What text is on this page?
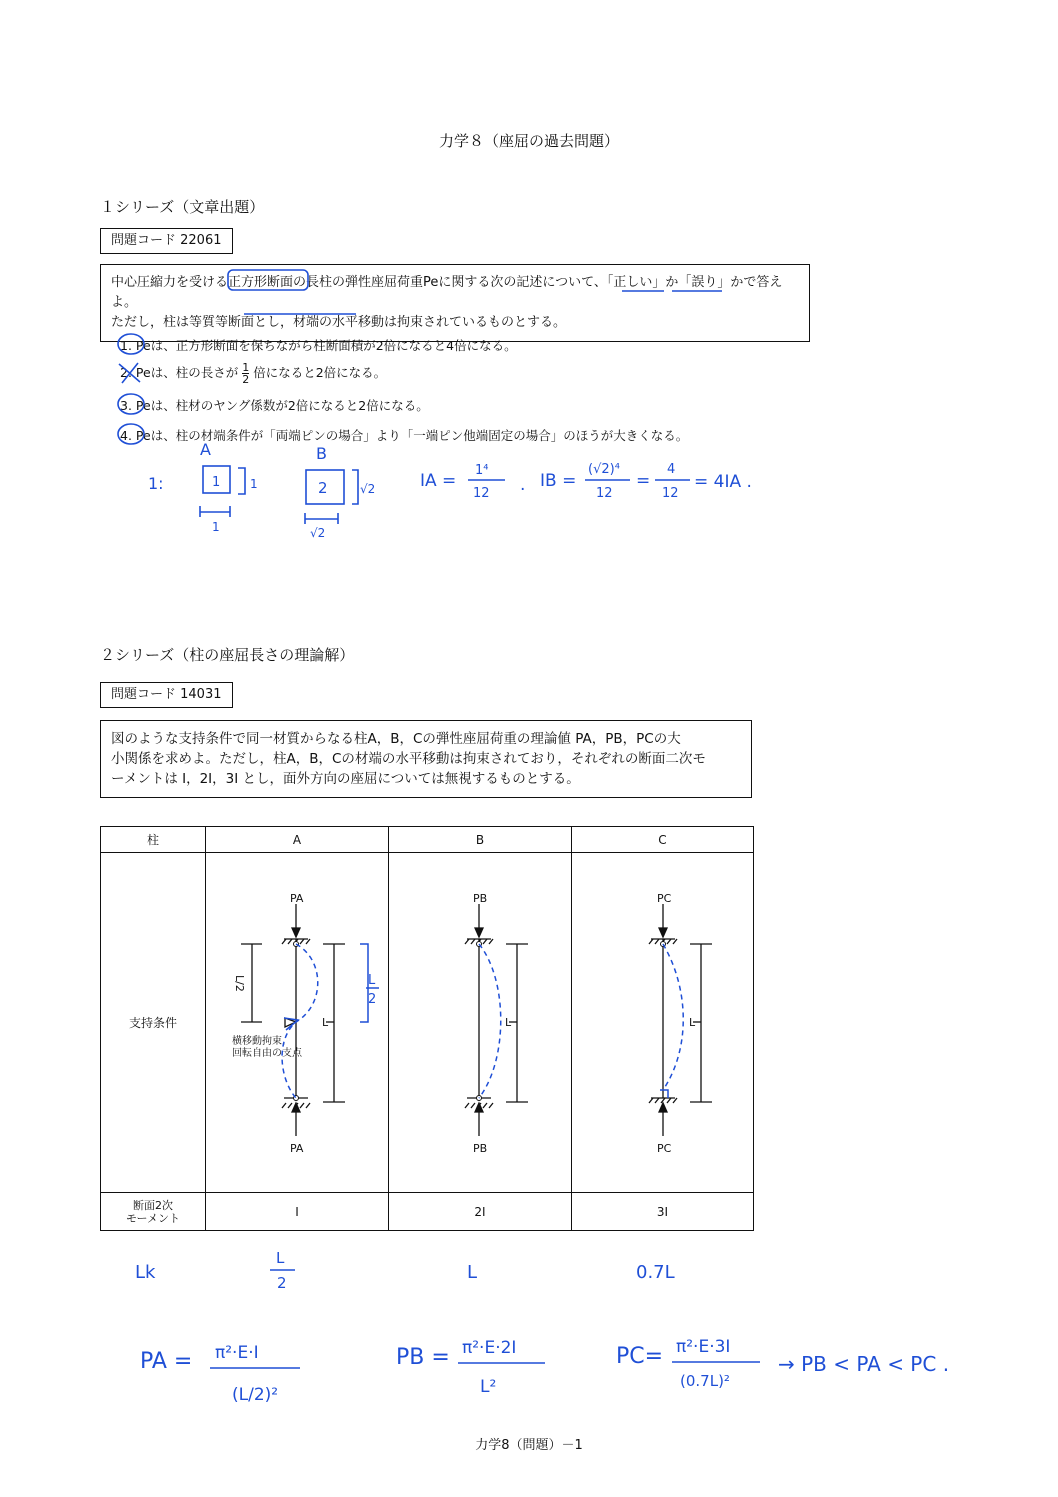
力学８（座屈の過去問題）
１シリーズ（文章出題）
問題コード 22061
中心圧縮力を受ける正方形断面の長柱の弾性座屈荷重Peに関する次の記述について、「正しい」か「誤り」かで答えよ。
ただし，柱は等質等断面とし，材端の水平移動は拘束されているものとする。
1. Peは、正方形断面を保ちながら柱断面積が2倍になると4倍になる。
2. Peは、柱の長さが $\frac{1}{2}$ 倍になると2倍になる。
3. Peは、柱材のヤング係数が2倍になると2倍になる。
4. Peは、柱の材端条件が「両端ピンの場合」より「一端ピン他端固定の場合」のほうが大きくなる。
A	B
1:	1 1
1
2	√2
√2
IA =
1⁴
12 . IB =
(√2)⁴
12
=
4
12
= 4IA .
２シリーズ（柱の座屈長さの理論解）
問題コード 14031
図のような支持条件で同一材質からなる柱A，B，Cの弾性座屈荷重の理論値 PA，PB，PCの大
小関係を求めよ。ただし，柱A，B，Cの材端の水平移動は拘束されており，それぞれの断面二次モ
ーメントは I，2I，3I とし，面外方向の座屈については無視するものとする。
柱	A	B	C
支持条件			

断面2次
モーメント	I	2I	3I
PA
PA
PB
PB
PC
PC
L/2
L	L	L
横移動拘束，
回転自由の支点
L
2
Lk
L
2	L	0.7L
PA = π²·E·I
(L/2)²
PB = π²·E·2I
L²
PC= π²·E·3I
(0.7L)²
→ PB < PA < PC .
力学8（問題）－1
